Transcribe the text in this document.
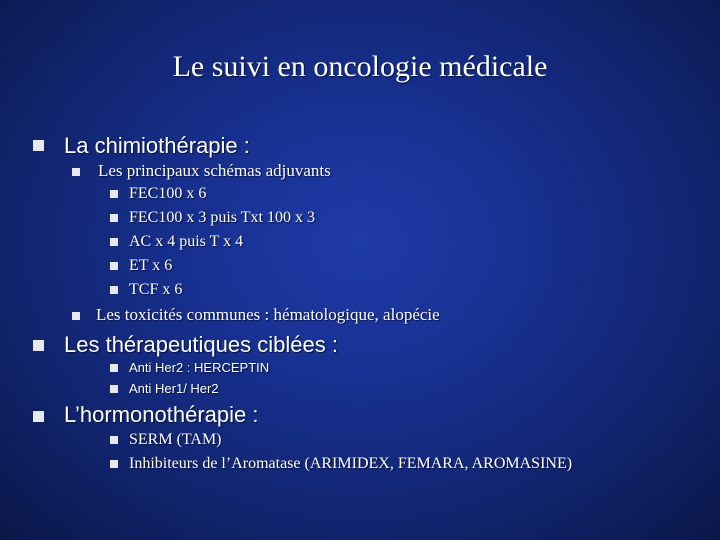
Le suivi en oncologie médicale
La chimiothérapie :
Les principaux schémas adjuvants
FEC100 x 6
FEC100 x 3 puis Txt 100 x 3
AC x 4 puis T x 4
ET x 6
TCF x 6
Les toxicités communes : hématologique, alopécie
Les thérapeutiques ciblées :
Anti Her2 : HERCEPTIN
Anti Her1/ Her2
L’hormonothérapie :
SERM (TAM)
Inhibiteurs de l’Aromatase (ARIMIDEX, FEMARA, AROMASINE)
